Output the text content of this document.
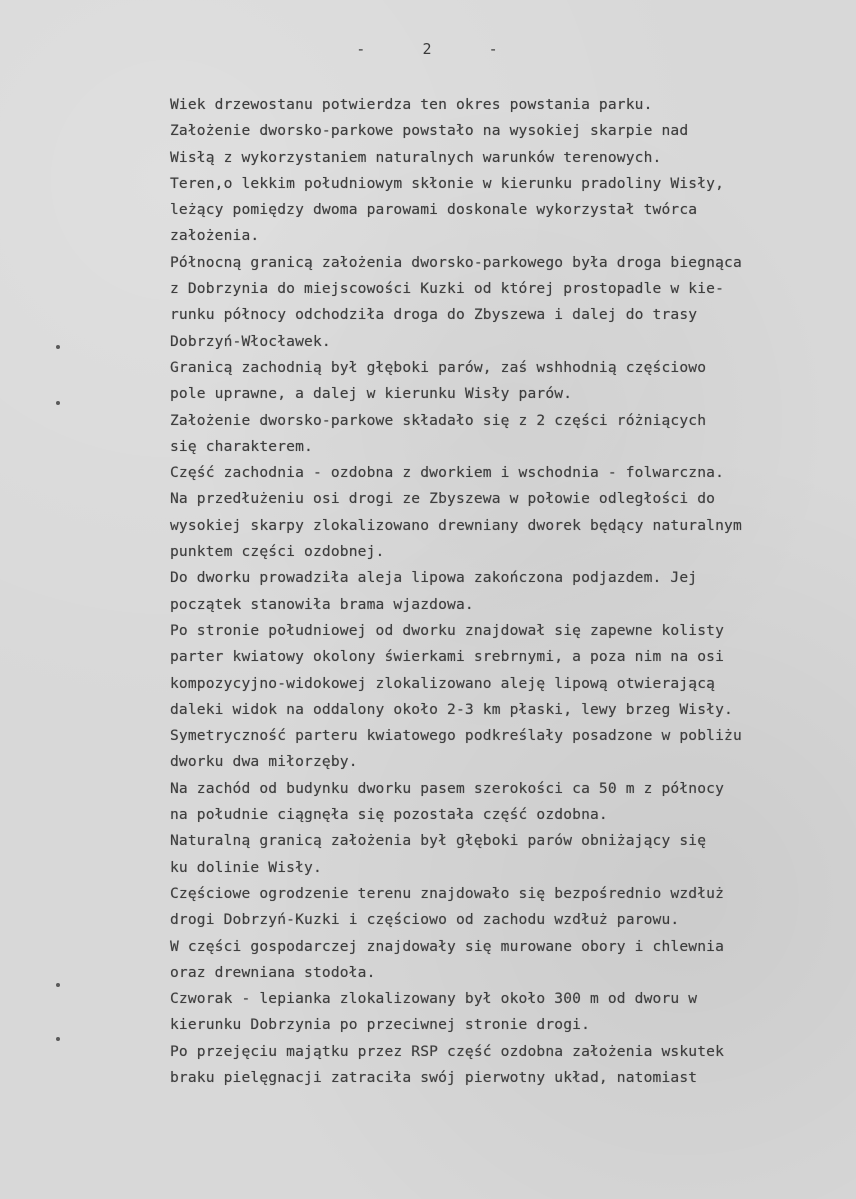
-     2     -
Wiek drzewostanu potwierdza ten okres powstania parku.
Założenie dworsko-parkowe powstało na wysokiej skarpie nad
Wisłą z wykorzystaniem naturalnych warunków terenowych.
Teren,o lekkim południowym skłonie w kierunku pradoliny Wisły,
leżący pomiędzy dwoma parowami doskonale wykorzystał twórca
założenia.
Północną granicą założenia dworsko-parkowego była droga biegnąca
z Dobrzynia do miejscowości Kuzki od której prostopadle w kie-
runku północy odchodziła droga do Zbyszewa i dalej do trasy
Dobrzyń-Włocławek.
Granicą zachodnią był głęboki parów, zaś wshhodnią częściowo
pole uprawne, a dalej w kierunku Wisły parów.
Założenie dworsko-parkowe składało się z 2 części różniących
się charakterem.
Część zachodnia - ozdobna z dworkiem i wschodnia - folwarczna.
Na przedłużeniu osi drogi ze Zbyszewa w połowie odległości do
wysokiej skarpy zlokalizowano drewniany dworek będący naturalnym
punktem części ozdobnej.
Do dworku prowadziła aleja lipowa zakończona podjazdem. Jej
początek stanowiła brama wjazdowa.
Po stronie południowej od dworku znajdował się zapewne kolisty
parter kwiatowy okolony świerkami srebrnymi, a poza nim na osi
kompozycyjno-widokowej zlokalizowano aleję lipową otwierającą
daleki widok na oddalony około 2-3 km płaski, lewy brzeg Wisły.
Symetryczność parteru kwiatowego podkreślały posadzone w pobliżu
dworku dwa miłorzęby.
Na zachód od budynku dworku pasem szerokości ca 50 m z północy
na południe ciągnęła się pozostała część ozdobna.
Naturalną granicą założenia był głęboki parów obniżający się
ku dolinie Wisły.
Częściowe ogrodzenie terenu znajdowało się bezpośrednio wzdłuż
drogi Dobrzyń-Kuzki i częściowo od zachodu wzdłuż parowu.
W części gospodarczej znajdowały się murowane obory i chlewnia
oraz drewniana stodoła.
Czworak - lepianka zlokalizowany był około 300 m od dworu w
kierunku Dobrzynia po przeciwnej stronie drogi.
Po przejęciu majątku przez RSP część ozdobna założenia wskutek
braku pielęgnacji zatraciła swój pierwotny układ, natomiast
